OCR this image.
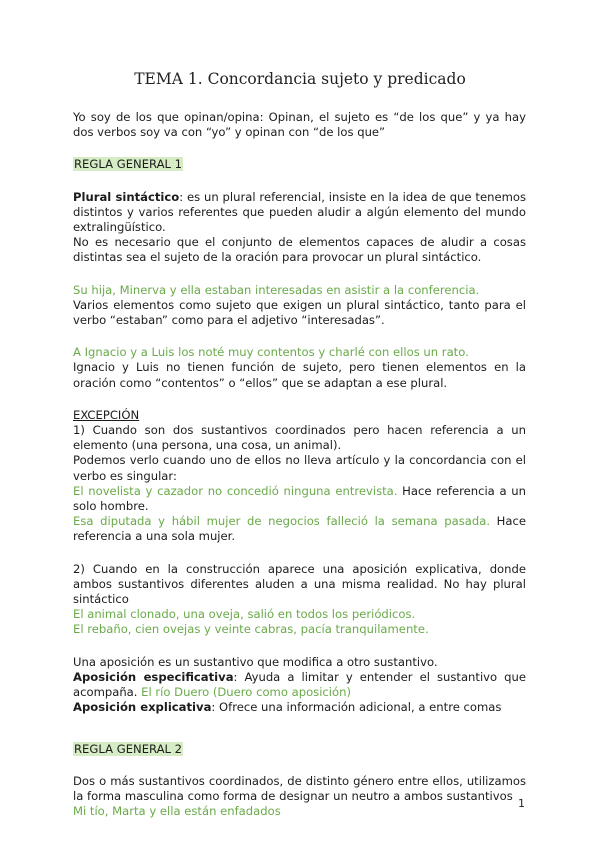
TEMA 1. Concordancia sujeto y predicado

Yo soy de los que opinan/opina: Opinan, el sujeto es “de los que” y ya hay dos verbos soy va con “yo” y opinan con “de los que”

REGLA GENERAL 1

Plural sintáctico: es un plural referencial, insiste en la idea de que tenemos distintos y varios referentes que pueden aludir a algún elemento del mundo extralingüístico.

No es necesario que el conjunto de elementos capaces de aludir a cosas distintas sea el sujeto de la oración para provocar un plural sintáctico.

Su hija, Minerva y ella estaban interesadas en asistir a la conferencia.

Varios elementos como sujeto que exigen un plural sintáctico, tanto para el verbo “estaban” como para el adjetivo “interesadas”.

A Ignacio y a Luis los noté muy contentos y charlé con ellos un rato.

Ignacio y Luis no tienen función de sujeto, pero tienen elementos en la oración como “contentos” o “ellos” que se adaptan a ese plural.

EXCEPCIÓN

1) Cuando son dos sustantivos coordinados pero hacen referencia a un elemento (una persona, una cosa, un animal).

Podemos verlo cuando uno de ellos no lleva artículo y la concordancia con el verbo es singular:

El novelista y cazador no concedió ninguna entrevista. Hace referencia a un solo hombre.

Esa diputada y hábil mujer de negocios falleció la semana pasada. Hace referencia a una sola mujer.

2) Cuando en la construcción aparece una aposición explicativa, donde ambos sustantivos diferentes aluden a una misma realidad. No hay plural sintáctico

El animal clonado, una oveja, salió en todos los periódicos.

El rebaño, cien ovejas y veinte cabras, pacía tranquilamente.

Una aposición es un sustantivo que modifica a otro sustantivo.

Aposición especificativa: Ayuda a limitar y entender el sustantivo que acompaña. El río Duero (Duero como aposición)

Aposición explicativa: Ofrece una información adicional, a entre comas

REGLA GENERAL 2

Dos o más sustantivos coordinados, de distinto género entre ellos, utilizamos la forma masculina como forma de designar un neutro a ambos sustantivos

Mi tío, Marta y ella están enfadados

1
